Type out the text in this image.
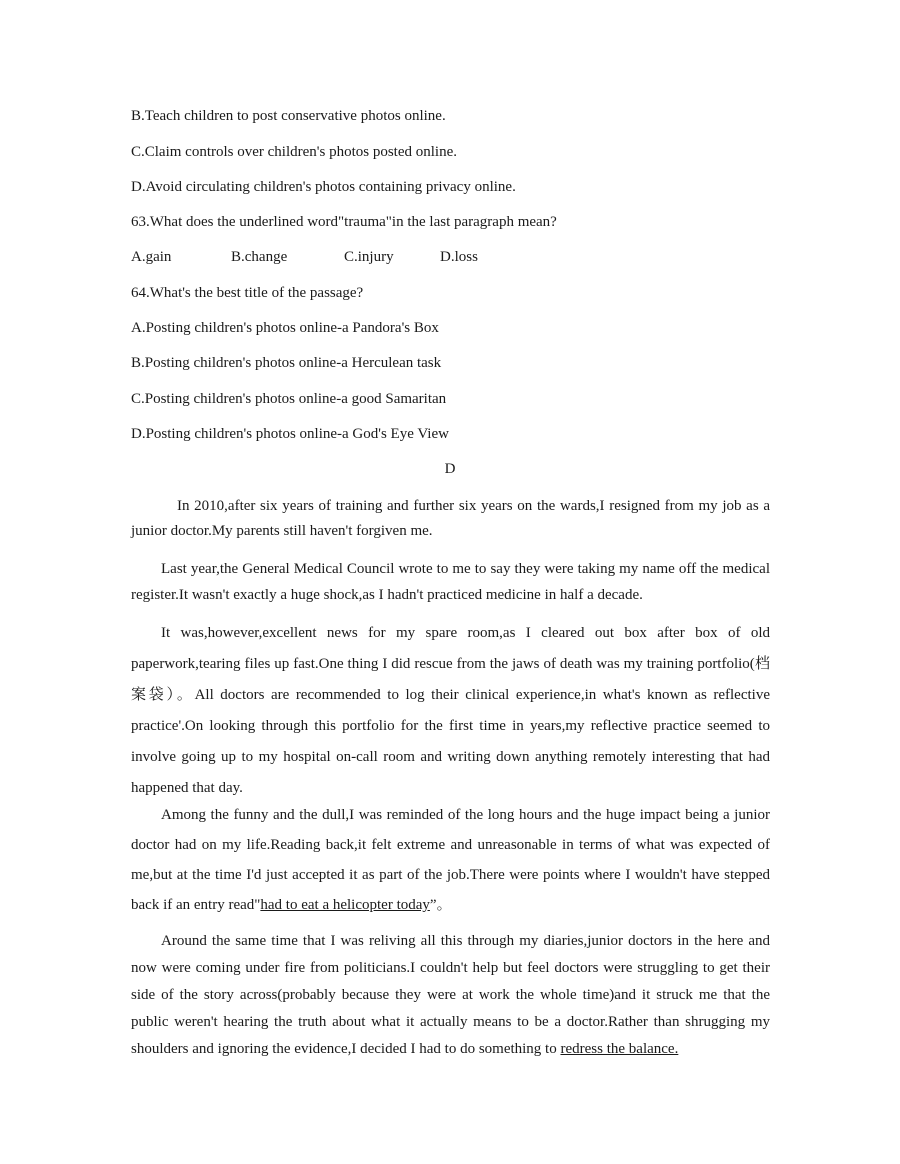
B.Teach children to post conservative photos online.
C.Claim controls over children's photos posted online.
D.Avoid circulating children's photos containing privacy online.
63.What does the underlined word"trauma"in the last paragraph mean?
A.gain	B.change	C.injury	D.loss
64.What's the best title of the passage?
A.Posting children's photos online-a Pandora's Box
B.Posting children's photos online-a Herculean task
C.Posting children's photos online-a good Samaritan
D.Posting children's photos online-a God's Eye View
D

In 2010,after six years of training and further six years on the wards,I resigned from my job as a junior doctor.My parents still haven't forgiven me.

Last year,the General Medical Council wrote to me to say they were taking my name off the medical register.It wasn't exactly a huge shock,as I hadn't practiced medicine in half a decade.

It was,however,excellent news for my spare room,as I cleared out box after box of old paperwork,tearing files up fast.One thing I did rescue from the jaws of death was my training portfolio(档案袋）。All doctors are recommended to log their clinical experience,in what's known as reflective practice'.On looking through this portfolio for the first time in years,my reflective practice seemed to involve going up to my hospital on-call room and writing down anything remotely interesting that had happened that day.

Among the funny and the dull,I was reminded of the long hours and the huge impact being a junior doctor had on my life.Reading back,it felt extreme and unreasonable in terms of what was expected of me,but at the time I'd just accepted it as part of the job.There were points where I wouldn't have stepped back if an entry read"had to eat a helicopter today”。

Around the same time that I was reliving all this through my diaries,junior doctors in the here and now were coming under fire from politicians.I couldn't help but feel doctors were struggling to get their side of the story across(probably because they were at work the whole time)and it struck me that the public weren't hearing the truth about what it actually means to be a doctor.Rather than shrugging my shoulders and ignoring the evidence,I decided I had to do something to redress the balance.
